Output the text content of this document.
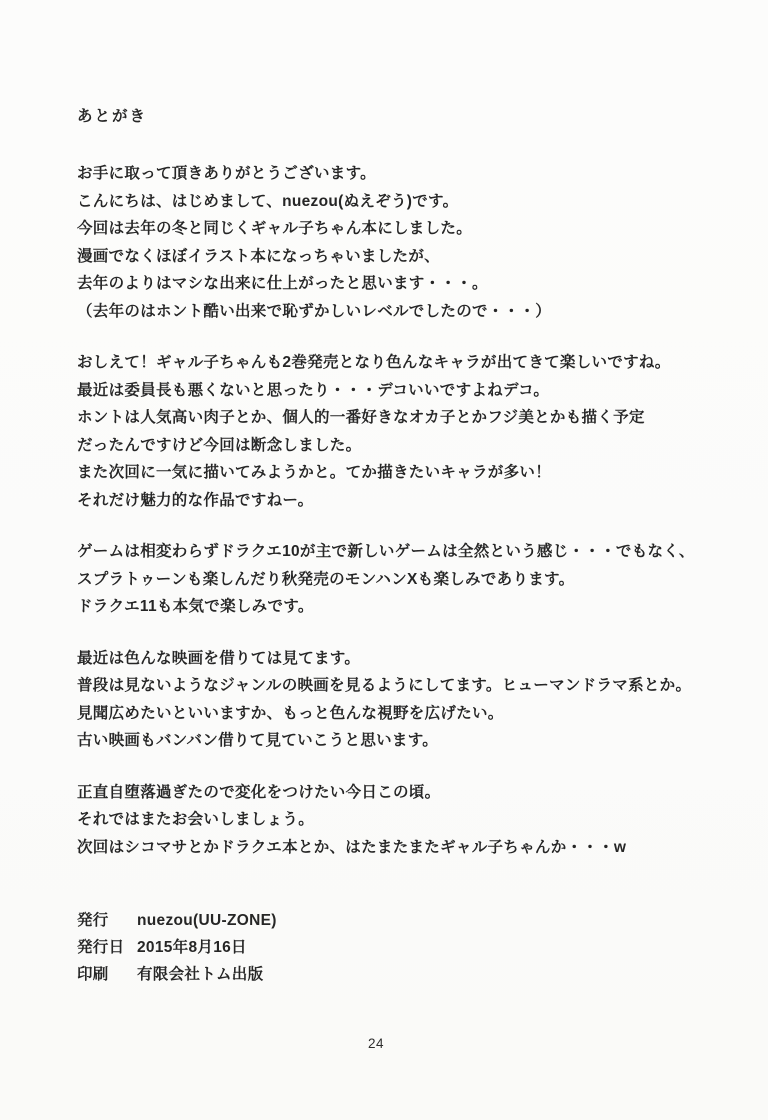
あとがき
お手に取って頂きありがとうございます。
こんにちは、はじめまして、nuezou(ぬえぞう)です。
今回は去年の冬と同じくギャル子ちゃん本にしました。
漫画でなくほぼイラスト本になっちゃいましたが、
去年のよりはマシな出来に仕上がったと思います・・・。
（去年のはホント酷い出来で恥ずかしいレベルでしたので・・・）
おしえて！ギャル子ちゃんも2巻発売となり色んなキャラが出てきて楽しいですね。
最近は委員長も悪くないと思ったり・・・デコいいですよねデコ。
ホントは人気高い肉子とか、個人的一番好きなオカ子とかフジ美とかも描く予定
だったんですけど今回は断念しました。
また次回に一気に描いてみようかと。てか描きたいキャラが多い！
それだけ魅力的な作品ですねー。
ゲームは相変わらずドラクエ10が主で新しいゲームは全然という感じ・・・でもなく、
スプラトゥーンも楽しんだり秋発売のモンハンXも楽しみであります。
ドラクエ11も本気で楽しみです。
最近は色んな映画を借りては見てます。
普段は見ないようなジャンルの映画を見るようにしてます。ヒューマンドラマ系とか。
見聞広めたいといいますか、もっと色んな視野を広げたい。
古い映画もバンバン借りて見ていこうと思います。
正直自堕落過ぎたので変化をつけたい今日この頃。
それではまたお会いしましょう。
次回はシコマサとかドラクエ本とか、はたまたまたギャル子ちゃんか・・・w
発行	nuezou(UU-ZONE)
発行日 2015年8月16日
印刷	有限会社トム出版
24
